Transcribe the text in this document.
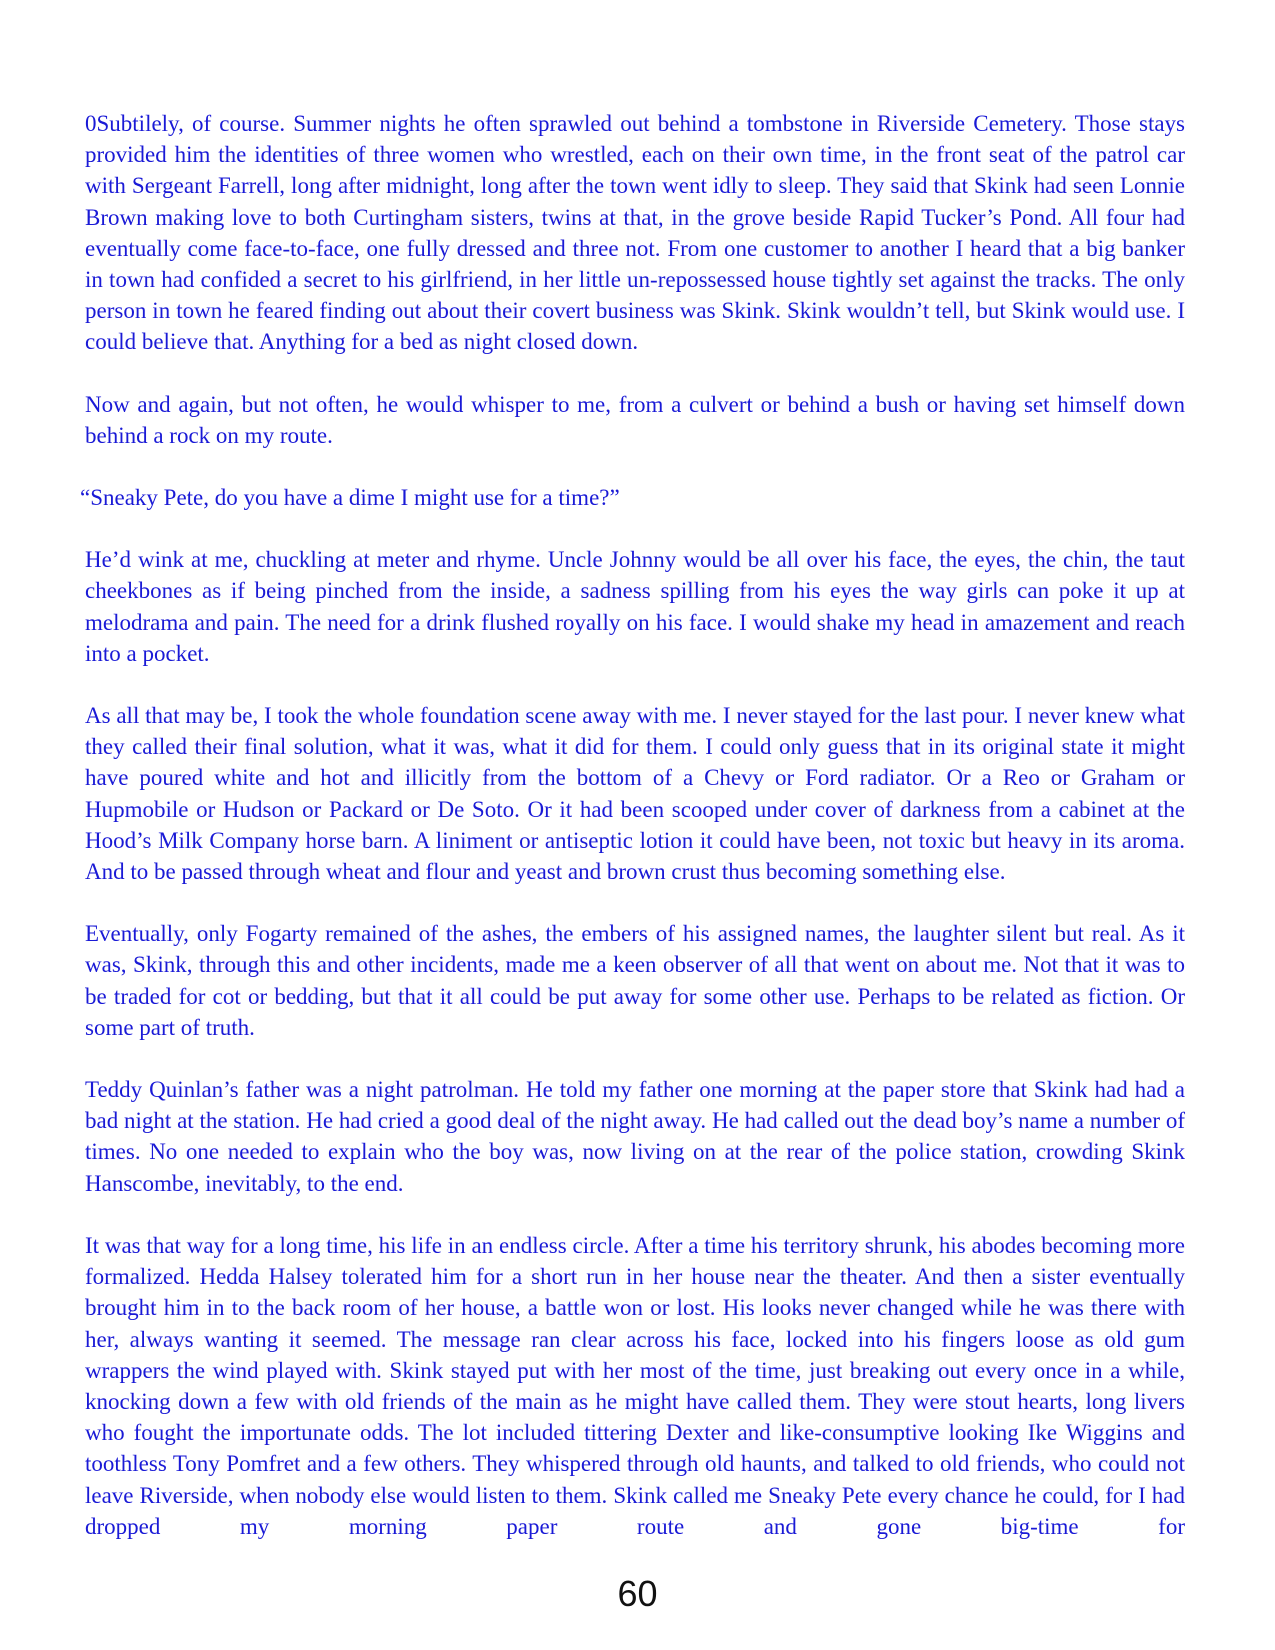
0Subtilely, of course. Summer nights he often sprawled out behind a tombstone in Riverside Cemetery. Those stays provided him the identities of three women who wrestled, each on their own time, in the front seat of the patrol car with Sergeant Farrell, long after midnight, long after the town went idly to sleep. They said that Skink had seen Lonnie Brown making love to both Curtingham sisters, twins at that, in the grove beside Rapid Tucker’s Pond. All four had eventually come face-to-face, one fully dressed and three not. From one customer to another I heard that a big banker in town had confided a secret to his girlfriend, in her little un-repossessed house tightly set against the tracks. The only person in town he feared finding out about their covert business was Skink. Skink wouldn’t tell, but Skink would use. I could believe that. Anything for a bed as night closed down.

Now and again, but not often, he would whisper to me, from a culvert or behind a bush or having set himself down behind a rock on my route.

“Sneaky Pete, do you have a dime I might use for a time?”

He’d wink at me, chuckling at meter and rhyme. Uncle Johnny would be all over his face, the eyes, the chin, the taut cheekbones as if being pinched from the inside, a sadness spilling from his eyes the way girls can poke it up at melodrama and pain. The need for a drink flushed royally on his face. I would shake my head in amazement and reach into a pocket.

As all that may be, I took the whole foundation scene away with me. I never stayed for the last pour. I never knew what they called their final solution, what it was, what it did for them. I could only guess that in its original state it might have poured white and hot and illicitly from the bottom of a Chevy or Ford radiator. Or a Reo or Graham or Hupmobile or Hudson or Packard or De Soto. Or it had been scooped under cover of darkness from a cabinet at the Hood’s Milk Company horse barn. A liniment or antiseptic lotion it could have been, not toxic but heavy in its aroma. And to be passed through wheat and flour and yeast and brown crust thus becoming something else.

Eventually, only Fogarty remained of the ashes, the embers of his assigned names, the laughter silent but real. As it was, Skink, through this and other incidents, made me a keen observer of all that went on about me. Not that it was to be traded for cot or bedding, but that it all could be put away for some other use. Perhaps to be related as fiction. Or some part of truth.

Teddy Quinlan’s father was a night patrolman. He told my father one morning at the paper store that Skink had had a bad night at the station. He had cried a good deal of the night away. He had called out the dead boy’s name a number of times. No one needed to explain who the boy was, now living on at the rear of the police station, crowding Skink Hanscombe, inevitably, to the end.

It was that way for a long time, his life in an endless circle. After a time his territory shrunk, his abodes becoming more formalized. Hedda Halsey tolerated him for a short run in her house near the theater. And then a sister eventually brought him in to the back room of her house, a battle won or lost. His looks never changed while he was there with her, always wanting it seemed. The message ran clear across his face, locked into his fingers loose as old gum wrappers the wind played with. Skink stayed put with her most of the time, just breaking out every once in a while, knocking down a few with old friends of the main as he might have called them. They were stout hearts, long livers who fought the importunate odds. The lot included tittering Dexter and like-consumptive looking Ike Wiggins and toothless Tony Pomfret and a few others. They whispered through old haunts, and talked to old friends, who could not leave Riverside, when nobody else would listen to them. Skink called me Sneaky Pete every chance he could, for I had dropped my morning paper route and gone big-time for

60
